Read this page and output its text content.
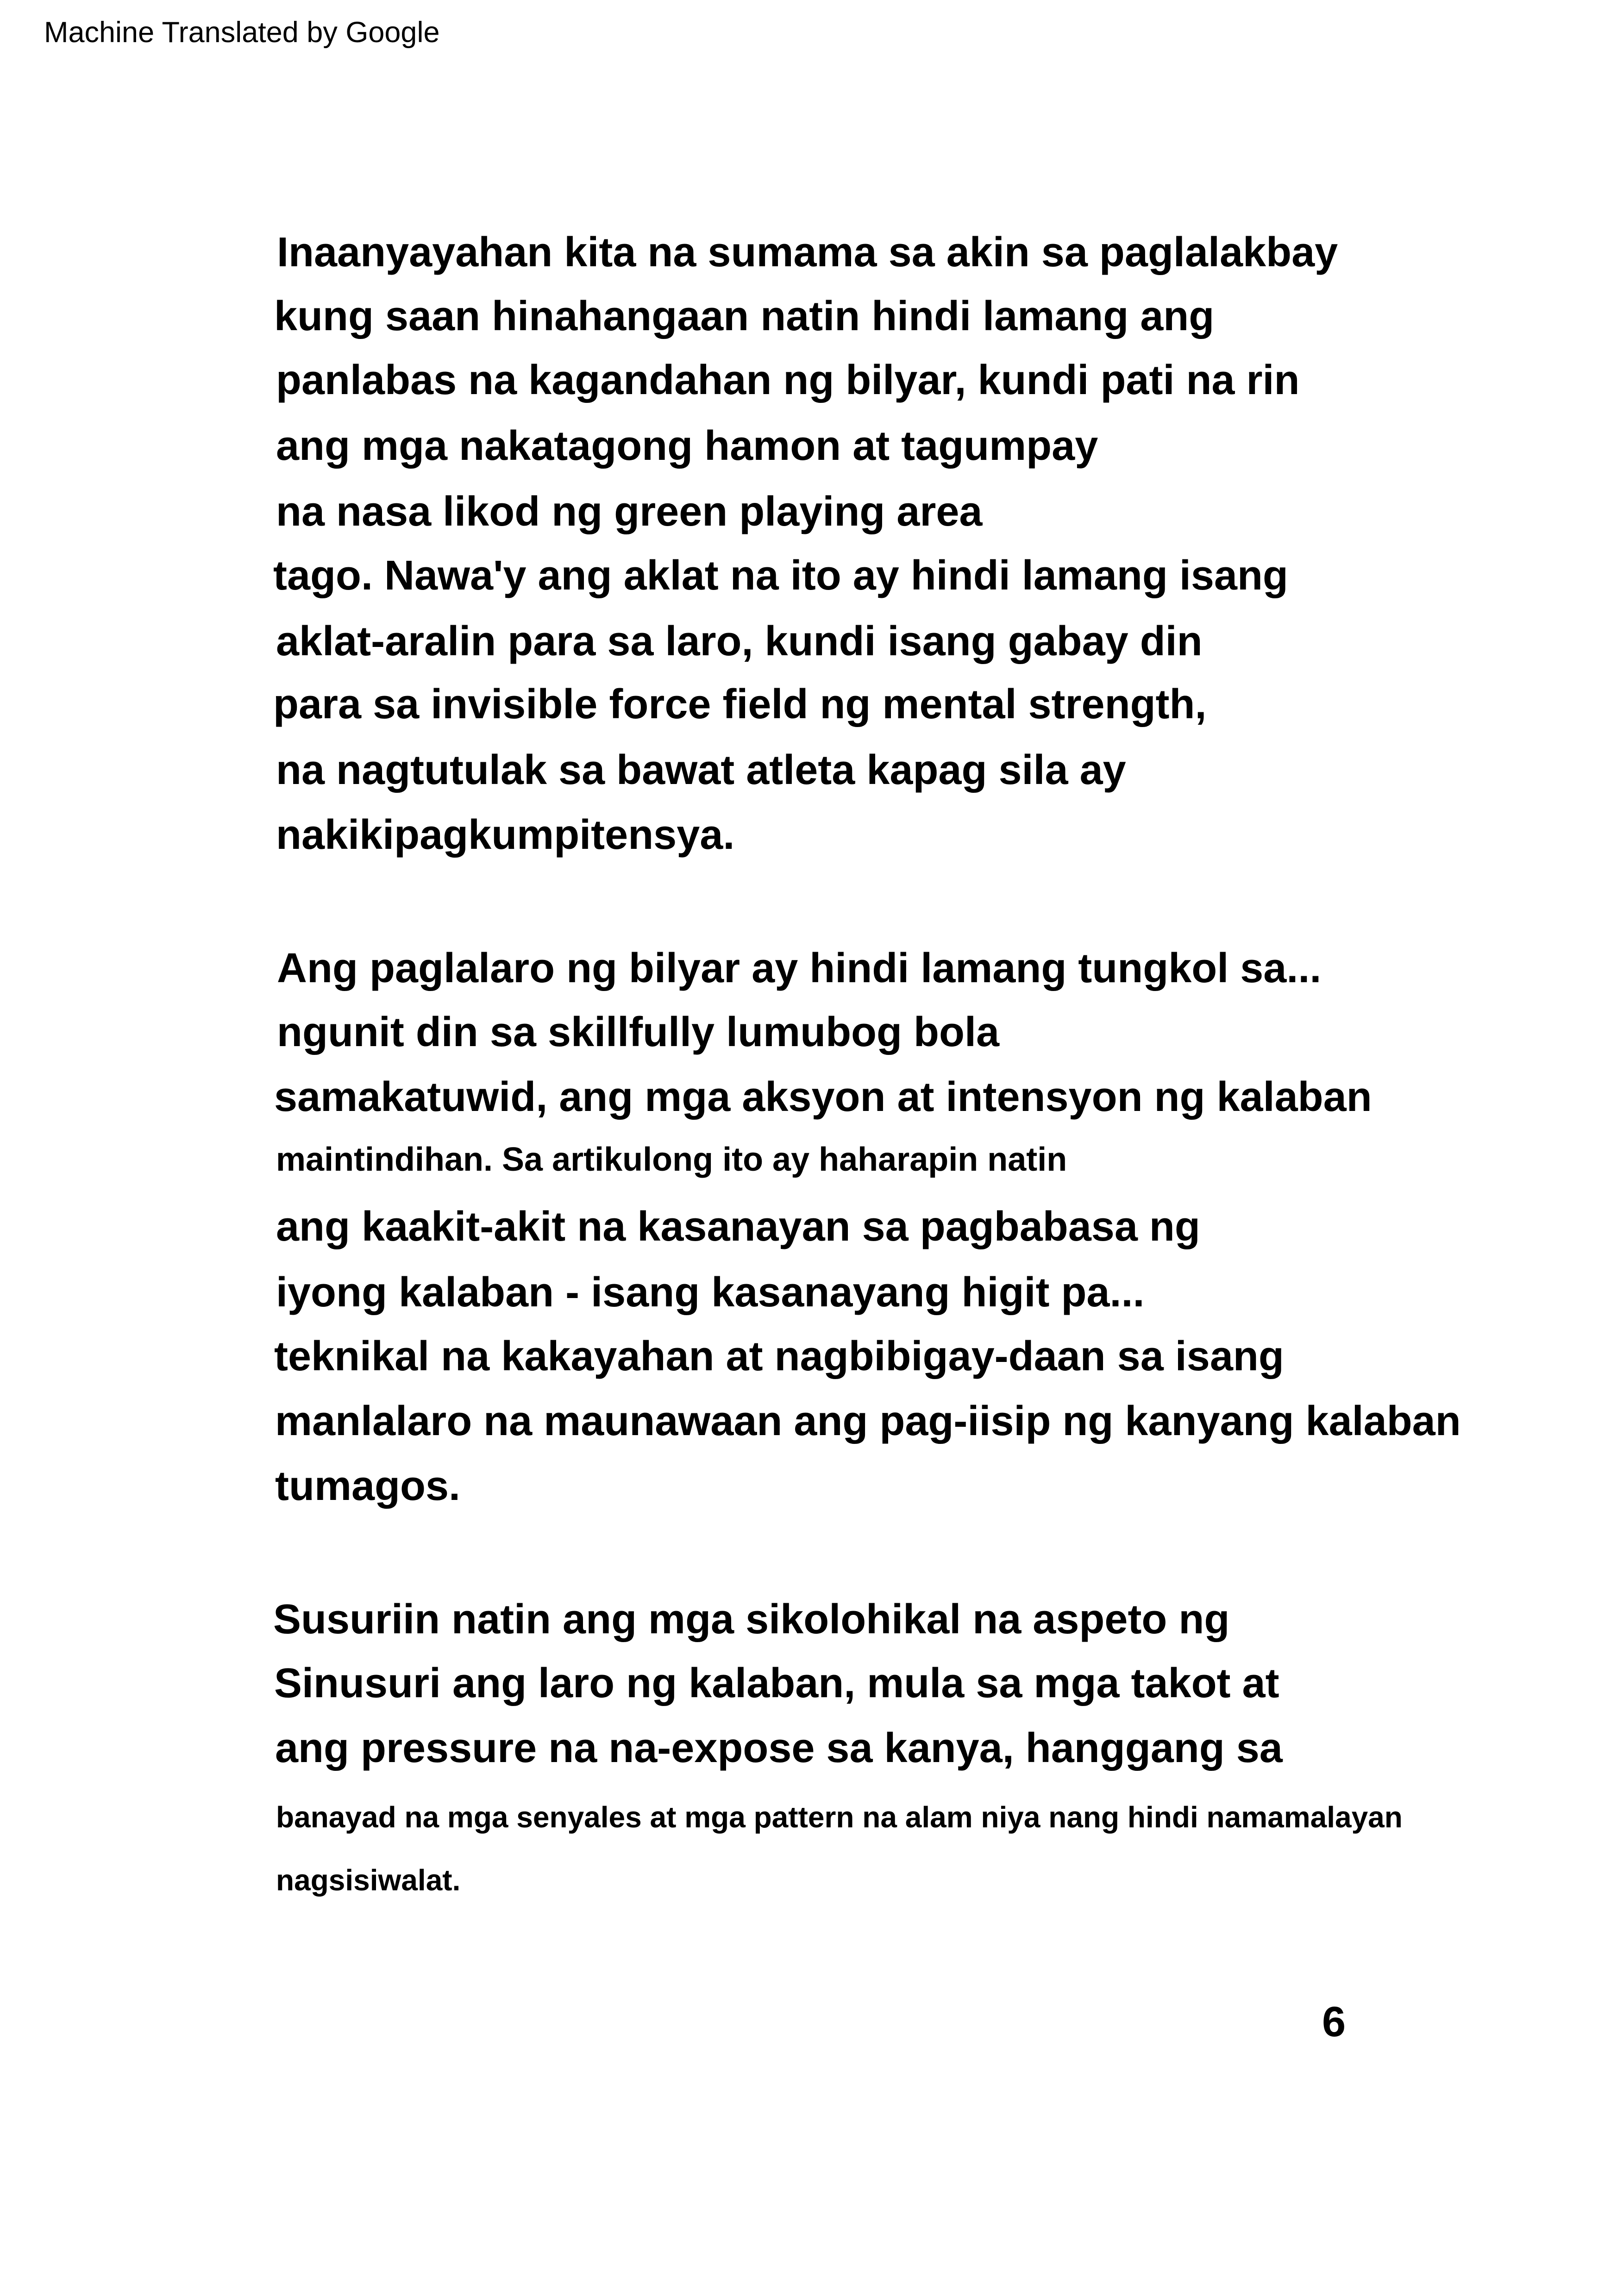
Machine Translated by Google
Inaanyayahan kita na sumama sa akin sa paglalakbay
kung saan hinahangaan natin hindi lamang ang
panlabas na kagandahan ng bilyar, kundi pati na rin
ang mga nakatagong hamon at tagumpay
na nasa likod ng green playing area
tago. Nawa'y ang aklat na ito ay hindi lamang isang
aklat-aralin para sa laro, kundi isang gabay din
para sa invisible force field ng mental strength,
na nagtutulak sa bawat atleta kapag sila ay
nakikipagkumpitensya.
Ang paglalaro ng bilyar ay hindi lamang tungkol sa...
ngunit din sa skillfully lumubog bola
samakatuwid, ang mga aksyon at intensyon ng kalaban
maintindihan. Sa artikulong ito ay haharapin natin
ang kaakit-akit na kasanayan sa pagbabasa ng
iyong kalaban - isang kasanayang higit pa...
teknikal na kakayahan at nagbibigay-daan sa isang
manlalaro na maunawaan ang pag-iisip ng kanyang kalaban
tumagos.
Susuriin natin ang mga sikolohikal na aspeto ng
Sinusuri ang laro ng kalaban, mula sa mga takot at
ang pressure na na-expose sa kanya, hanggang sa
banayad na mga senyales at mga pattern na alam niya nang hindi namamalayan
nagsisiwalat.
6
